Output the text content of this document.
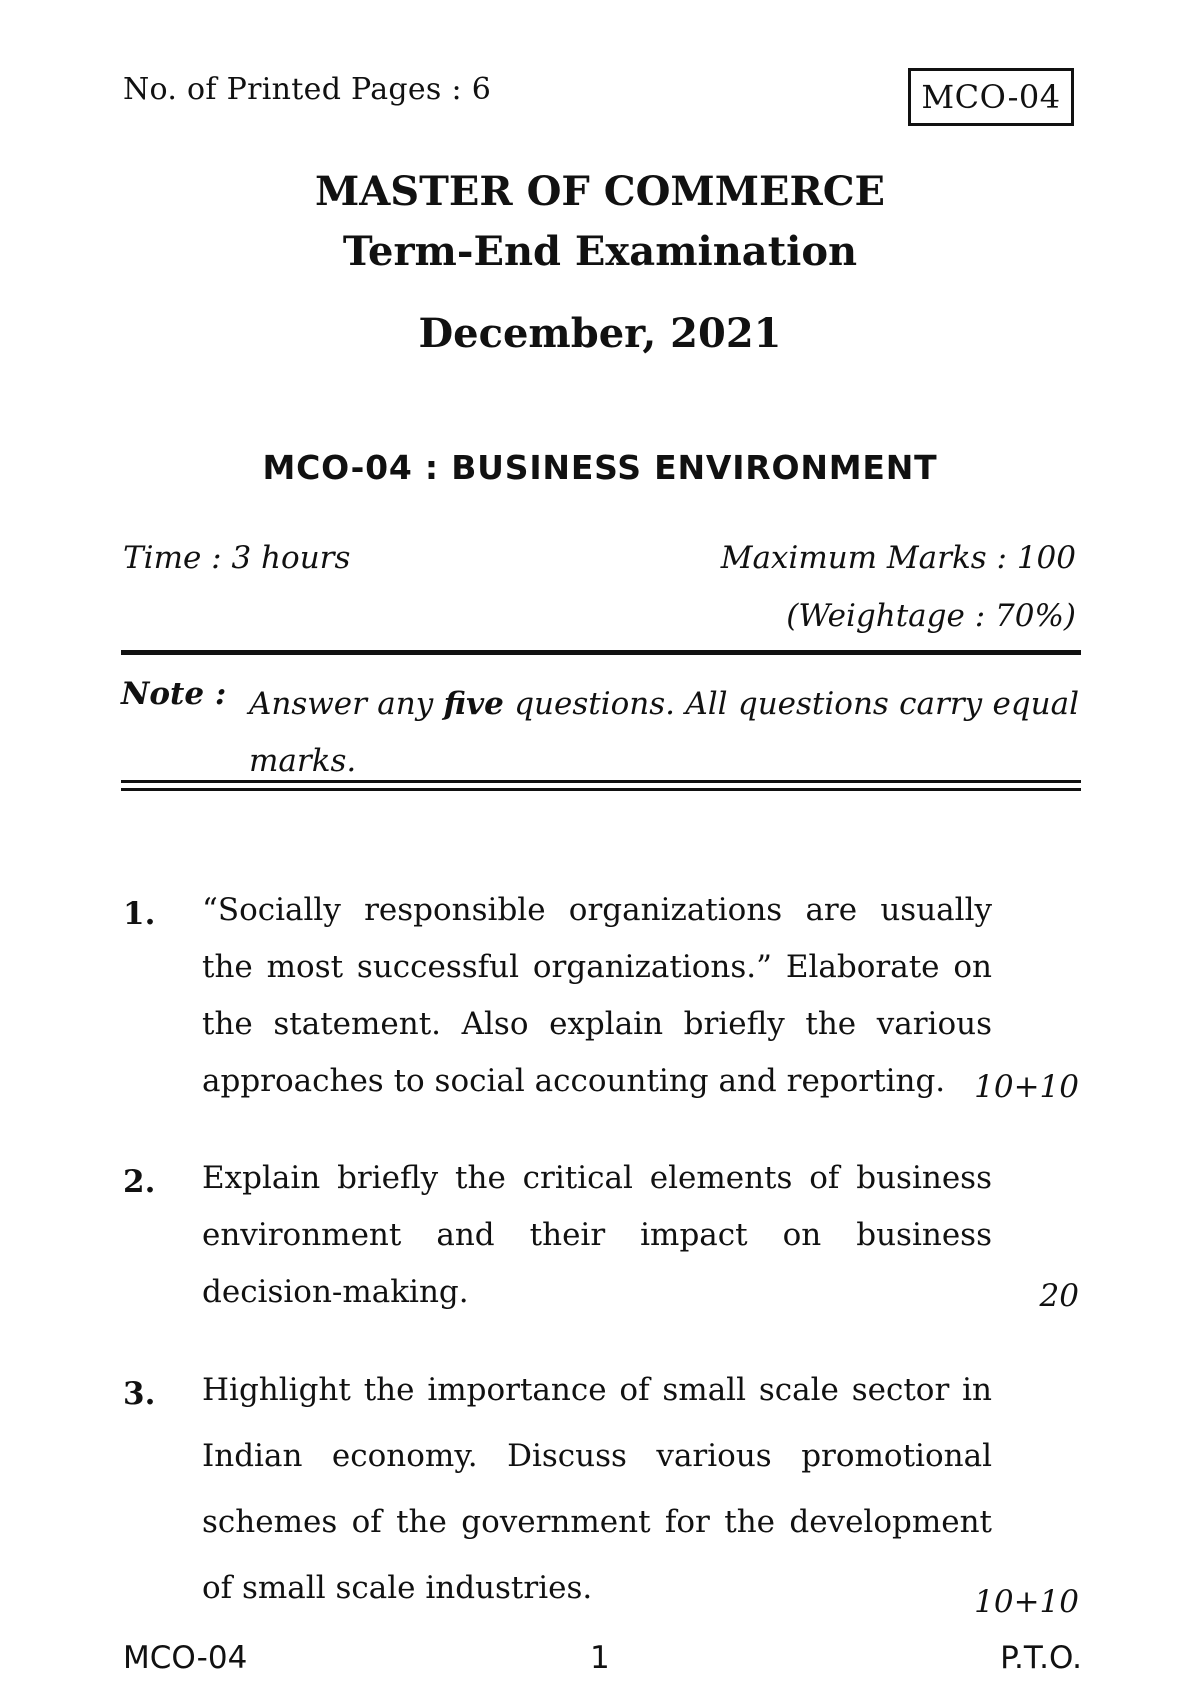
No. of Printed Pages : 6	MCO-04
MASTER OF COMMERCE
Term-End Examination
December, 2021
MCO-04 : BUSINESS ENVIRONMENT
Time : 3 hours	Maximum Marks : 100
(Weightage : 70%)
Note : Answer any five questions. All questions carry equal marks.
1. “Socially responsible organizations are usually the most successful organizations.” Elaborate on the statement. Also explain briefly the various approaches to social accounting and reporting. 10+10
2. Explain briefly the critical elements of business environment and their impact on business decision-making.	20
3. Highlight the importance of small scale sector in Indian economy. Discuss various promotional schemes of the government for the development of small scale industries.	10+10
MCO-04	1	P.T.O.
